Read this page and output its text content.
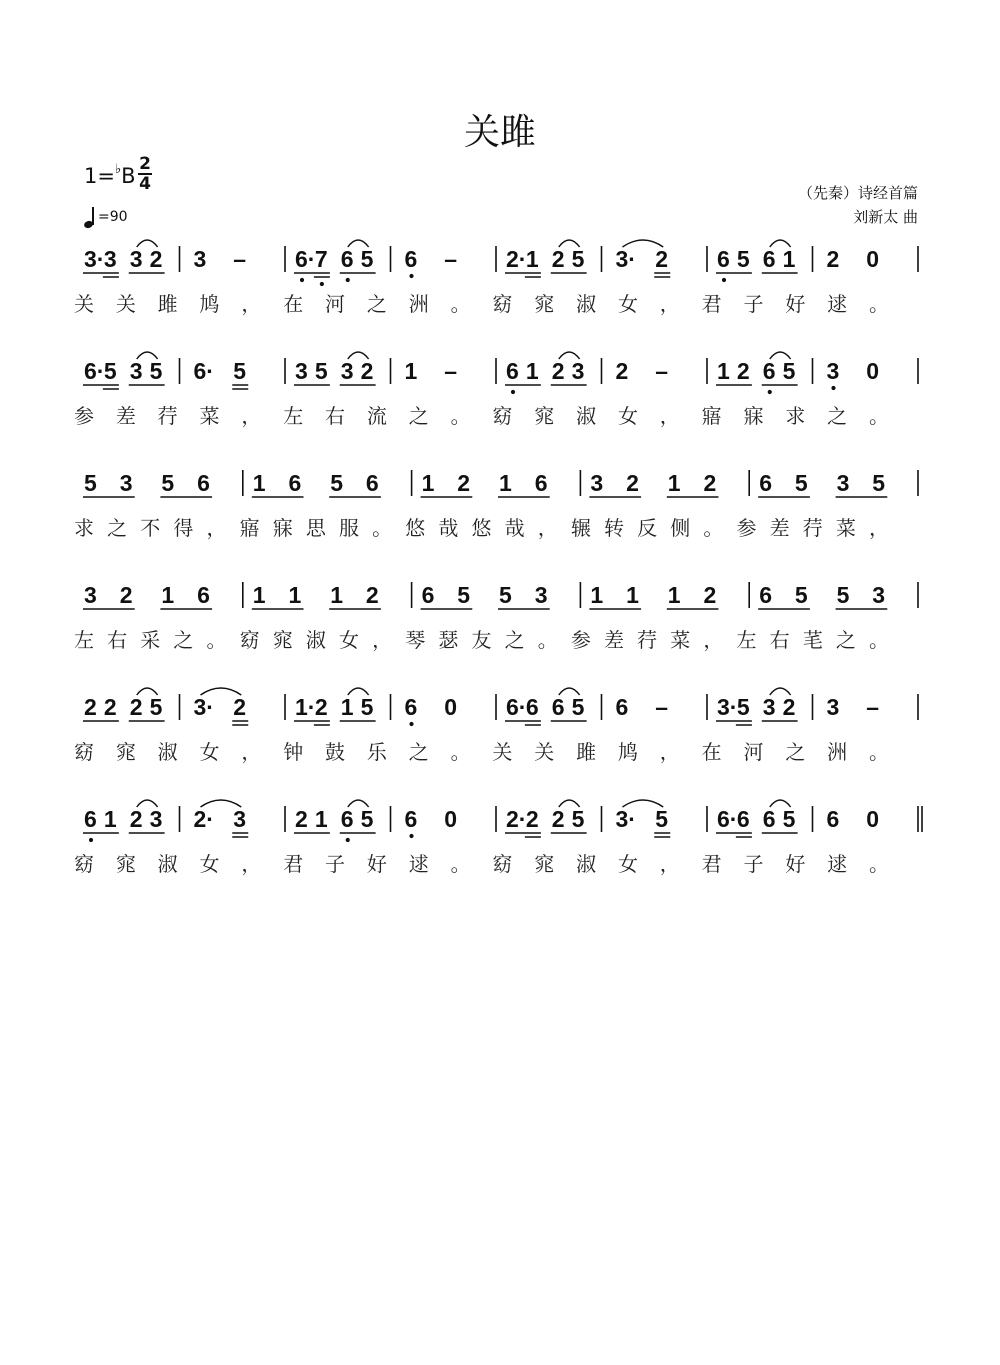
关雎
1=♭B 2
4
=90
（先秦）诗经首篇
刘新太 曲
3· 3 3 2 3 – 6· 7 6 5 6 – 2· 1 2 5 3· 2 6 5 6 1 2 0
关关雎鸠，在河之洲。窈窕淑女，君子好逑。
6· 5 3 5 6· 5 3 5 3 2 1 – 6 1 2 3 2 – 1 2 6 5 3 0
参差荇菜，左右流之。窈窕淑女，寤寐求之。
5 3 5 6 1 6 5 6 1 2 1 6 3 2 1 2 6 5 3 5
求之不得，寤寐思服。悠哉悠哉，辗转反侧。参差荇菜，
3 2 1 6 1 1 1 2 6 5 5 3 1 1 1 2 6 5 5 3
左右采之。窈窕淑女，琴瑟友之。参差荇菜，左右芼之。
2 2 2 5 3· 2 1· 2 1 5 6 0 6· 6 6 5 6 – 3· 5 3 2 3 –
窈窕淑女，钟鼓乐之。关关雎鸠，在河之洲。
6 1 2 3 2· 3 2 1 6 5 6 0 2· 2 2 5 3· 5 6· 6 6 5 6 0
窈窕淑女，君子好逑。窈窕淑女，君子好逑。
